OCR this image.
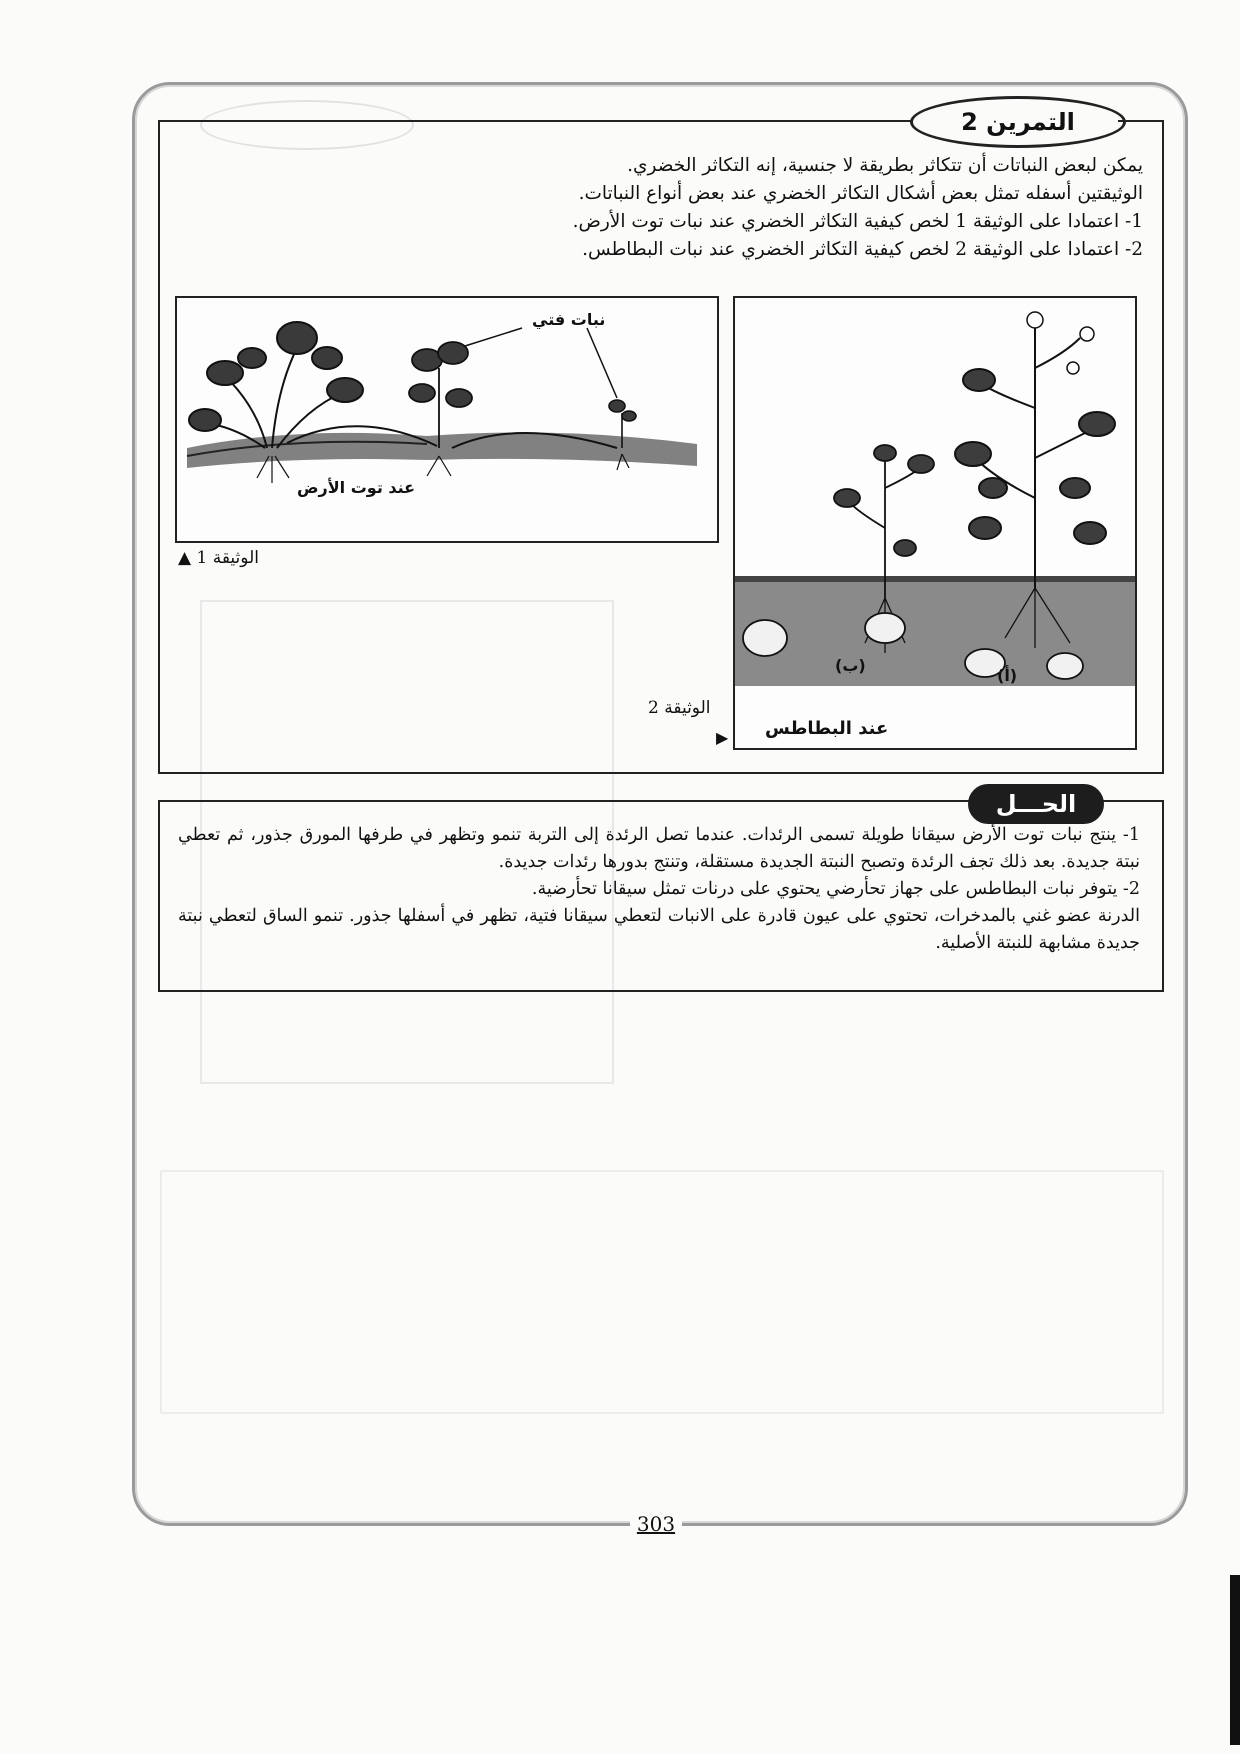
التمرين 2

يمكن لبعض النباتات أن تتكاثر بطريقة لا جنسية، إنه التكاثر الخضري.

الوثيقتين أسفله تمثل بعض أشكال التكاثر الخضري عند بعض أنواع النباتات.

1- اعتمادا على الوثيقة 1 لخص كيفية التكاثر الخضري عند نبات توت الأرض.

2- اعتمادا على الوثيقة 2 لخص كيفية التكاثر الخضري عند نبات البطاطس.

نبات فتي
عند توت الأرض
الوثيقة 1 ▲
(ب)
(أ)
عند البطاطس
الوثيقة 2
▶
الحـــل

1- ينتج نبات توت الأرض سيقانا طويلة تسمى الرئدات. عندما تصل الرئدة إلى التربة تنمو وتظهر في طرفها المورق جذور، ثم تعطي نبتة جديدة. بعد ذلك تجف الرئدة وتصبح النبتة الجديدة مستقلة، وتنتج بدورها رئدات جديدة.

2- يتوفر نبات البطاطس على جهاز تحأرضي يحتوي على درنات تمثل سيقانا تحأرضية.

الدرنة عضو غني بالمدخرات، تحتوي على عيون قادرة على الانبات لتعطي سيقانا فتية، تظهر في أسفلها جذور. تنمو الساق لتعطي نبتة جديدة مشابهة للنبتة الأصلية.

303
